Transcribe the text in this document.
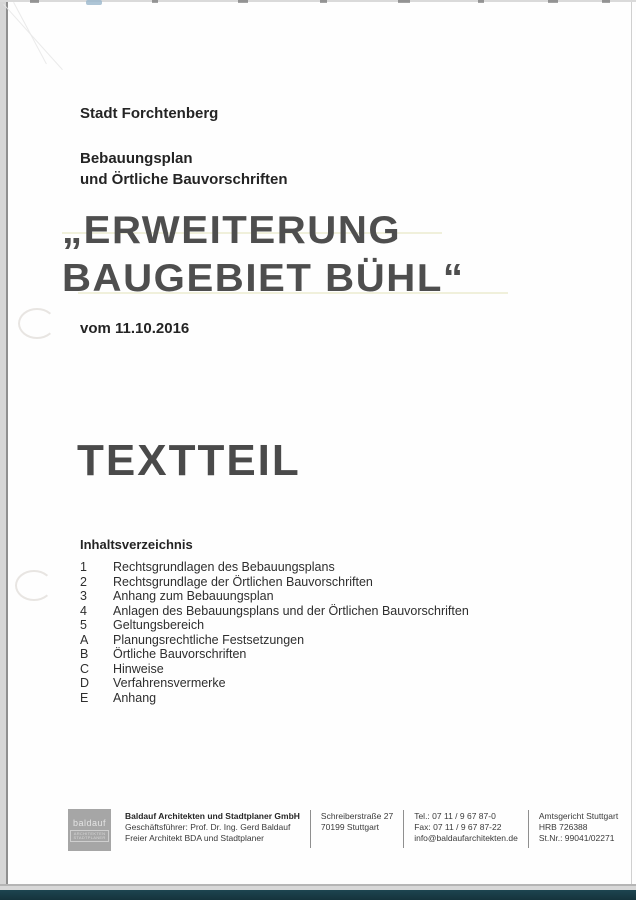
Stadt Forchtenberg
Bebauungsplan
und Örtliche Bauvorschriften
„ERWEITERUNG
BAUGEBIET BÜHL“
vom 11.10.2016
TEXTTEIL
Inhaltsverzeichnis
1	Rechtsgrundlagen des Bebauungsplans
2	Rechtsgrundlage der Örtlichen Bauvorschriften
3	Anhang zum Bebauungsplan
4	Anlagen des Bebauungsplans und der Örtlichen Bauvorschriften
5	Geltungsbereich
A	Planungsrechtliche Festsetzungen
B	Örtliche Bauvorschriften
C	Hinweise
D	Verfahrensvermerke
E	Anhang
baldauf
ARCHITEKTEN
STADTPLANER
Baldauf Architekten und Stadtplaner GmbH
Geschäftsführer: Prof. Dr. Ing. Gerd Baldauf
Freier Architekt BDA und Stadtplaner
Schreiberstraße 27
70199 Stuttgart
Tel.: 07 11 / 9 67 87-0
Fax: 07 11 / 9 67 87-22
info@baldaufarchitekten.de
Amtsgericht Stuttgart
HRB 726388
St.Nr.: 99041/02271
